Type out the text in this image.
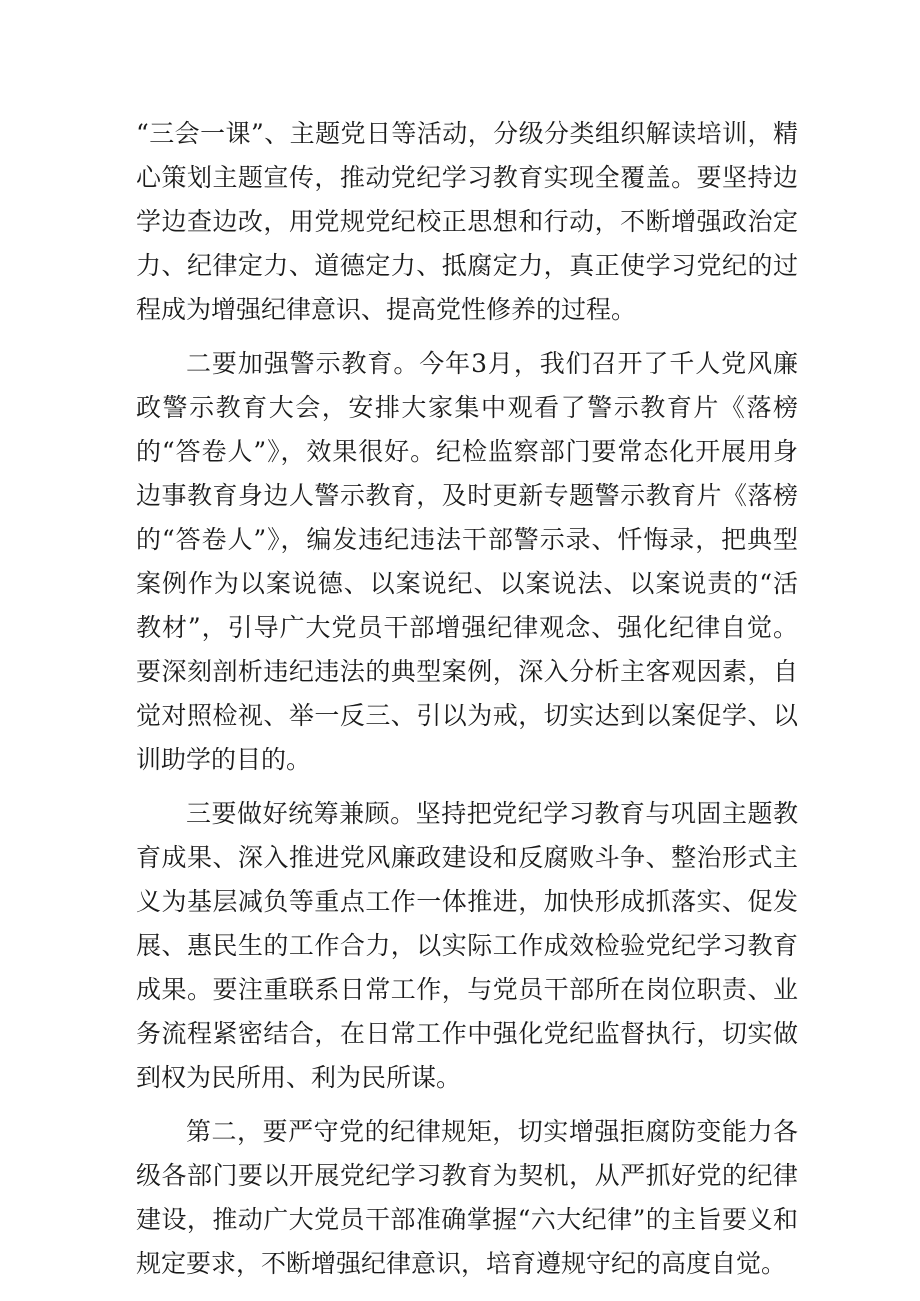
“三会一课”、主题党日等活动，分级分类组织解读培训，精心策划主题宣传，推动党纪学习教育实现全覆盖。要坚持边学边查边改，用党规党纪校正思想和行动，不断增强政治定力、纪律定力、道德定力、抵腐定力，真正使学习党纪的过程成为增强纪律意识、提高党性修养的过程。

二要加强警示教育。今年3月，我们召开了千人党风廉政警示教育大会，安排大家集中观看了警示教育片《落榜的“答卷人”》，效果很好。纪检监察部门要常态化开展用身边事教育身边人警示教育，及时更新专题警示教育片《落榜的“答卷人”》，编发违纪违法干部警示录、忏悔录，把典型案例作为以案说德、以案说纪、以案说法、以案说责的“活教材”，引导广大党员干部增强纪律观念、强化纪律自觉。要深刻剖析违纪违法的典型案例，深入分析主客观因素，自觉对照检视、举一反三、引以为戒，切实达到以案促学、以训助学的目的。

三要做好统筹兼顾。坚持把党纪学习教育与巩固主题教育成果、深入推进党风廉政建设和反腐败斗争、整治形式主义为基层减负等重点工作一体推进，加快形成抓落实、促发展、惠民生的工作合力，以实际工作成效检验党纪学习教育成果。要注重联系日常工作，与党员干部所在岗位职责、业务流程紧密结合，在日常工作中强化党纪监督执行，切实做到权为民所用、利为民所谋。

第二，要严守党的纪律规矩，切实增强拒腐防变能力各级各部门要以开展党纪学习教育为契机，从严抓好党的纪律建设，推动广大党员干部准确掌握“六大纪律”的主旨要义和规定要求，不断增强纪律意识，培育遵规守纪的高度自觉。
